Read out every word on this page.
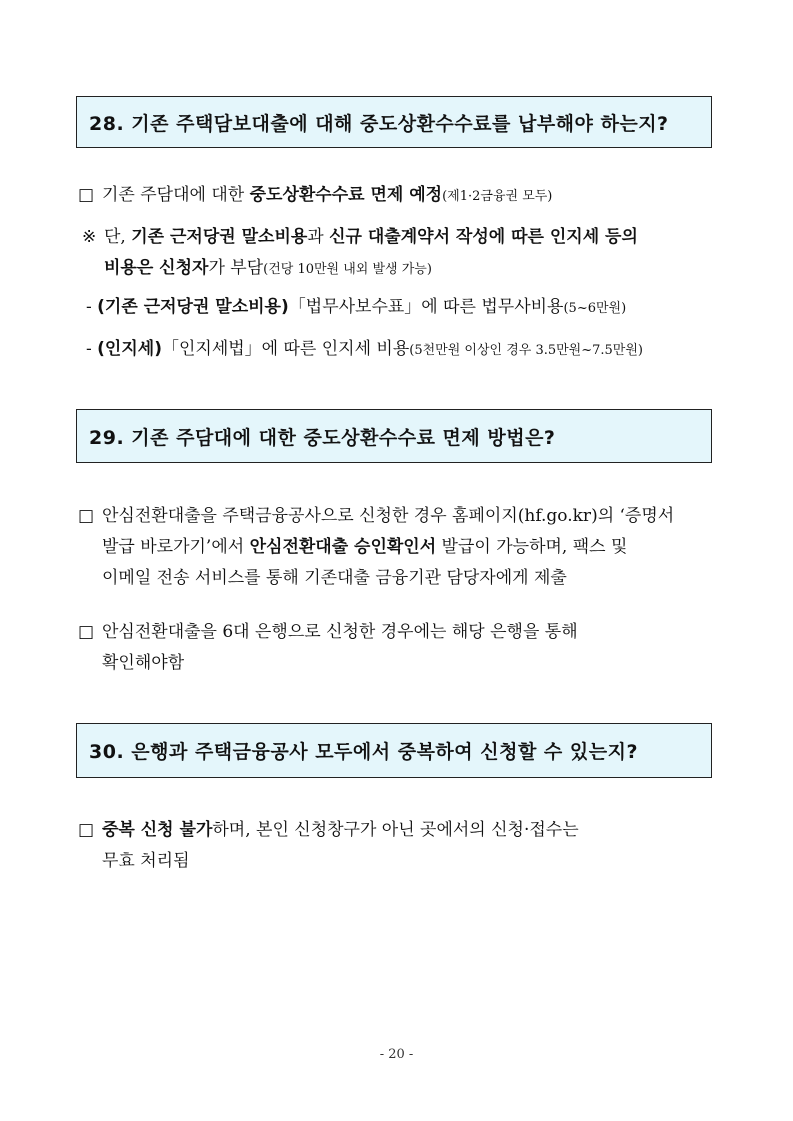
28. 기존 주택담보대출에 대해 중도상환수수료를 납부해야 하는지?
□ 기존 주담대에 대한 중도상환수수료 면제 예정(제1·2금융권 모두)
※ 단, 기존 근저당권 말소비용과 신규 대출계약서 작성에 따른 인지세 등의
비용은 신청자가 부담(건당 10만원 내외 발생 가능)
- (기존 근저당권 말소비용)「법무사보수표」에 따른 법무사비용(5~6만원)
- (인지세)「인지세법」에 따른 인지세 비용(5천만원 이상인 경우 3.5만원~7.5만원)
29. 기존 주담대에 대한 중도상환수수료 면제 방법은?
□ 안심전환대출을 주택금융공사으로 신청한 경우 홈페이지(hf.go.kr)의 ‘증명서
발급 바로가기’에서 안심전환대출 승인확인서 발급이 가능하며, 팩스 및
이메일 전송 서비스를 통해 기존대출 금융기관 담당자에게 제출
□ 안심전환대출을 6대 은행으로 신청한 경우에는 해당 은행을 통해
확인해야함
30. 은행과 주택금융공사 모두에서 중복하여 신청할 수 있는지?
□ 중복 신청 불가하며, 본인 신청창구가 아닌 곳에서의 신청·접수는
무효 처리됨
- 20 -
